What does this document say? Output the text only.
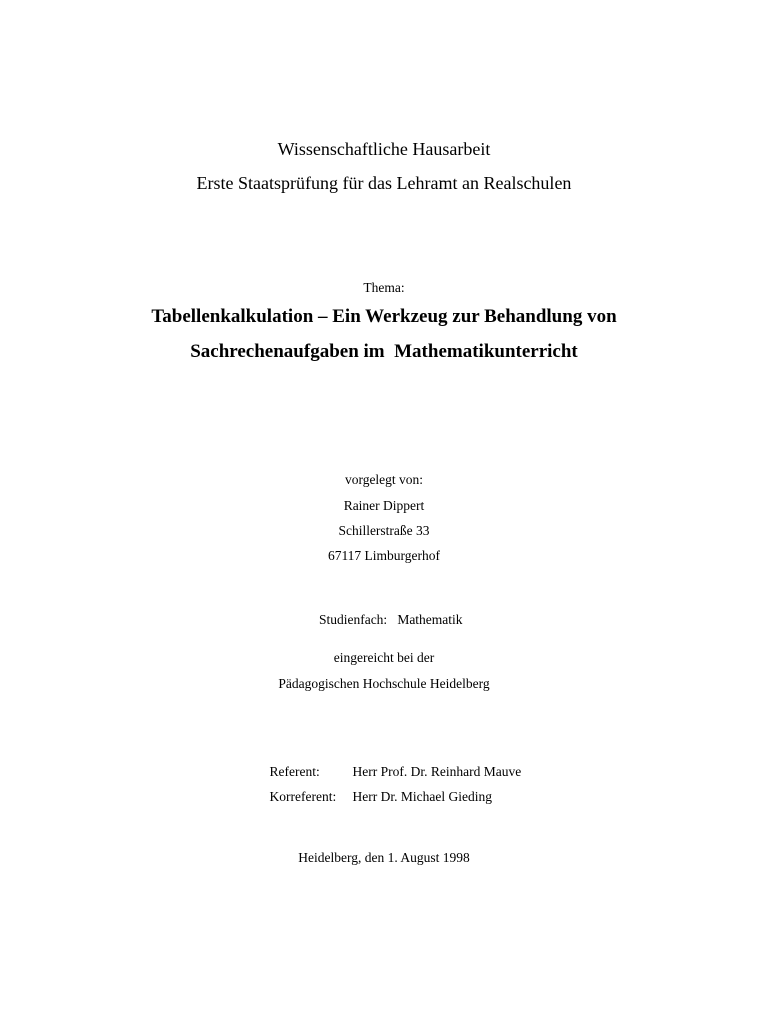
Wissenschaftliche Hausarbeit
Erste Staatsprüfung für das Lehramt an Realschulen
Thema:
Tabellenkalkulation – Ein Werkzeug zur Behandlung von
Sachrechenaufgaben im  Mathematikunterricht
vorgelegt von:
Rainer Dippert
Schillerstraße 33
67117 Limburgerhof

Studienfach: Mathematik

eingereicht bei der
Pädagogischen Hochschule Heidelberg

Referent: Herr Prof. Dr. Reinhard Mauve

Korreferent: Herr Dr. Michael Gieding

Heidelberg, den 1. August 1998
